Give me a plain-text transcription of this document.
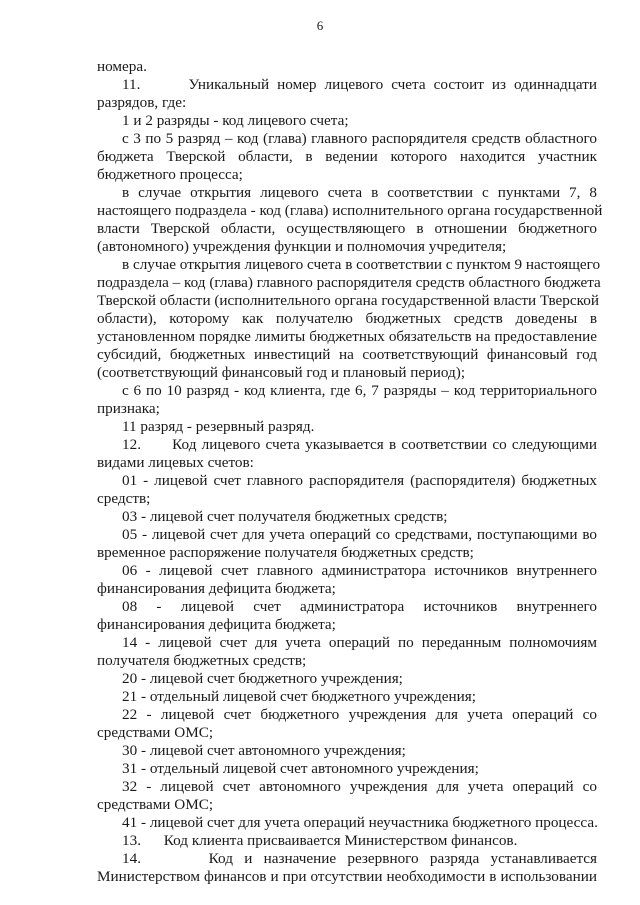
6
номера.
11.      Уникальный номер лицевого счета состоит из одиннадцати
разрядов, где:
1 и 2 разряды - код лицевого счета;
с 3 по 5 разряд – код (глава) главного распорядителя средств областного
бюджета Тверской области, в ведении которого находится участник
бюджетного процесса;
в случае открытия лицевого счета в соответствии с пунктами 7, 8
настоящего подраздела - код (глава) исполнительного органа государственной
власти Тверской области, осуществляющего в отношении бюджетного
(автономного) учреждения функции и полномочия учредителя;
в случае открытия лицевого счета в соответствии с пунктом 9 настоящего
подраздела – код (глава) главного распорядителя средств областного бюджета
Тверской области (исполнительного органа государственной власти Тверской
области), которому как получателю бюджетных средств доведены в
установленном порядке лимиты бюджетных обязательств на предоставление
субсидий, бюджетных инвестиций на соответствующий финансовый год
(соответствующий финансовый год и плановый период);
с 6 по 10 разряд - код клиента, где 6, 7 разряды – код территориального
признака;
11 разряд - резервный разряд.
12.      Код лицевого счета указывается в соответствии со следующими
видами лицевых счетов:
01 - лицевой счет главного распорядителя (распорядителя) бюджетных
средств;
03 - лицевой счет получателя бюджетных средств;
05 - лицевой счет для учета операций со средствами, поступающими во
временное распоряжение получателя бюджетных средств;
06 - лицевой счет главного администратора источников внутреннего
финансирования дефицита бюджета;
08   -   лицевой   счет   администратора   источников   внутреннего
финансирования дефицита бюджета;
14 - лицевой счет для учета операций по переданным полномочиям
получателя бюджетных средств;
20 - лицевой счет бюджетного учреждения;
21 - отдельный лицевой счет бюджетного учреждения;
22 - лицевой счет бюджетного учреждения для учета операций со
средствами ОМС;
30 - лицевой счет автономного учреждения;
31 - отдельный лицевой счет автономного учреждения;
32 - лицевой счет автономного учреждения для учета операций со
средствами ОМС;
41 - лицевой счет для учета операций неучастника бюджетного процесса.
13.      Код клиента присваивается Министерством финансов.
14.      Код и назначение резервного разряда устанавливается
Министерством финансов и при отсутствии необходимости в использовании
